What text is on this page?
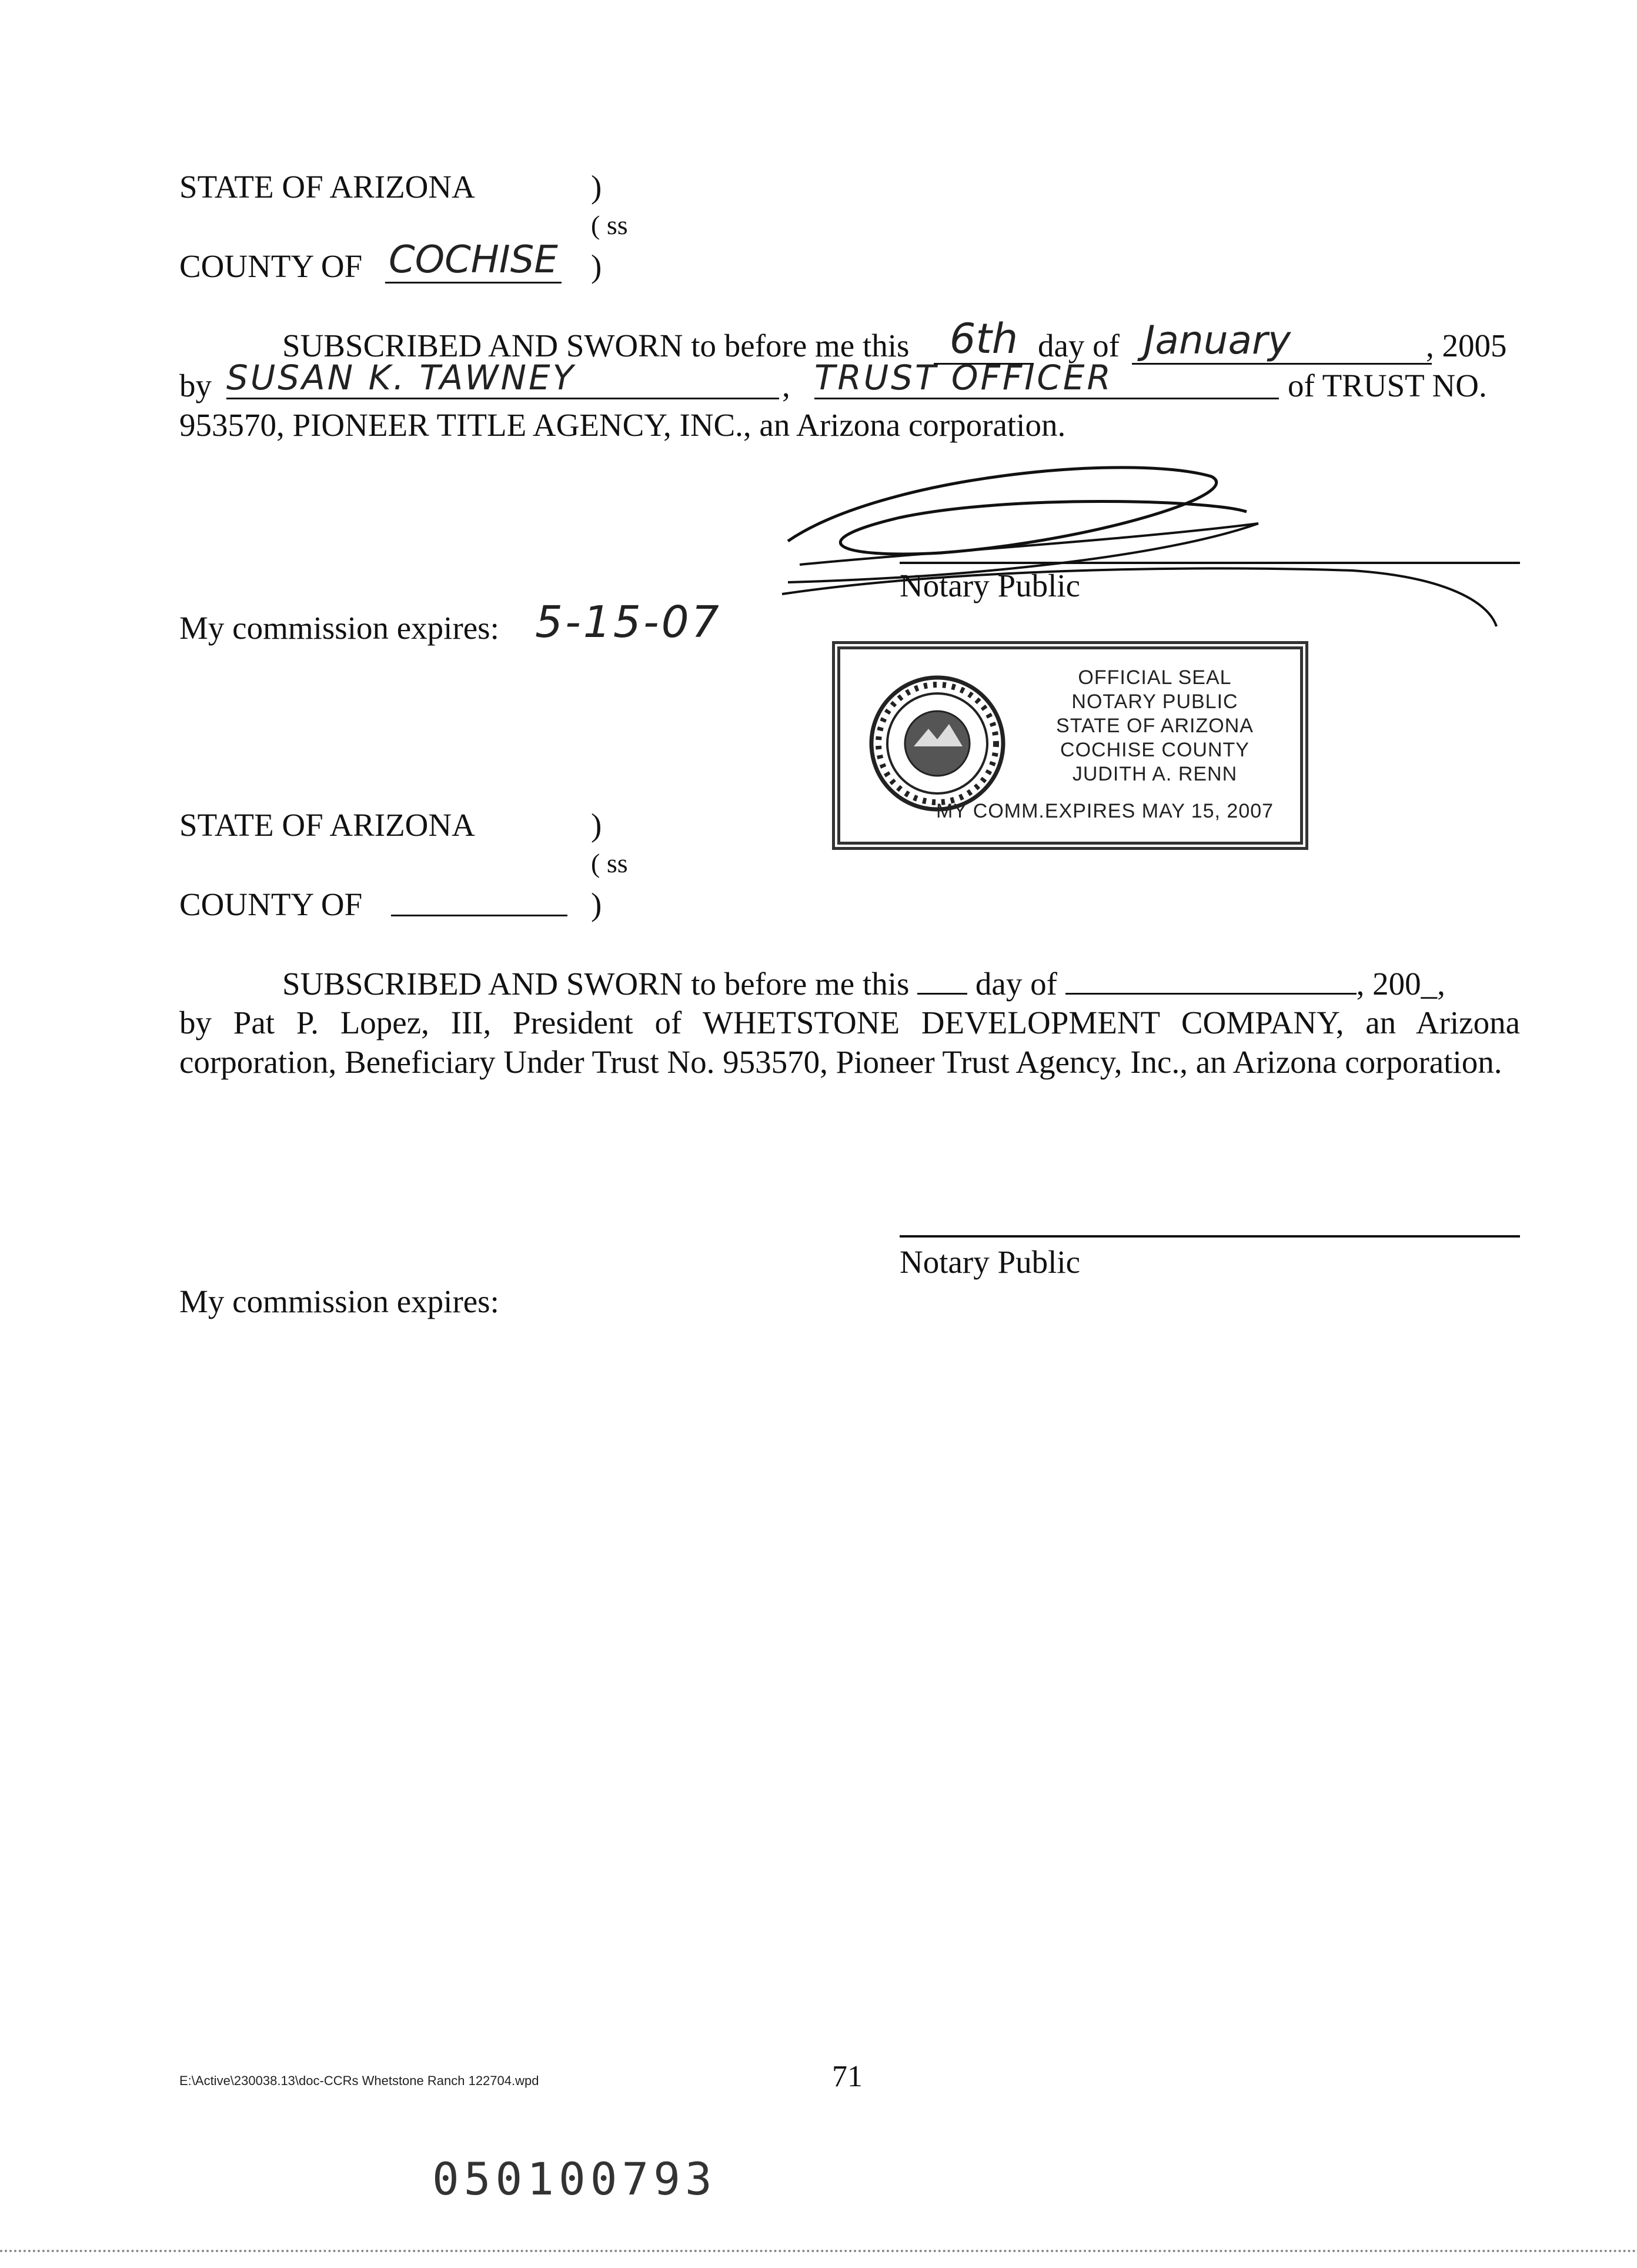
STATE OF ARIZONA	)
( ss
COUNTY OF COCHISE )
SUBSCRIBED AND SWORN to before me this 6th day of January	, 2005
by SUSAN K. TAWNEY	, TRUST OFFICER	of TRUST NO.
953570, PIONEER TITLE AGENCY, INC., an Arizona corporation.
Notary Public
My commission expires: 5-15-07
OFFICIAL SEAL
NOTARY PUBLIC
STATE OF ARIZONA
COCHISE COUNTY
JUDITH A. RENN
MY COMM.EXPIRES MAY 15, 2007
STATE OF ARIZONA	)
( ss
COUNTY OF	)
SUBSCRIBED AND SWORN to before me this day of	, 200_,
by Pat P. Lopez, III, President of WHETSTONE DEVELOPMENT COMPANY, an Arizona corporation, Beneficiary Under Trust No. 953570, Pioneer Trust Agency, Inc., an Arizona corporation.
Notary Public
My commission expires:
E:\Active\230038.13\doc-CCRs Whetstone Ranch 122704.wpd	71
050100793
